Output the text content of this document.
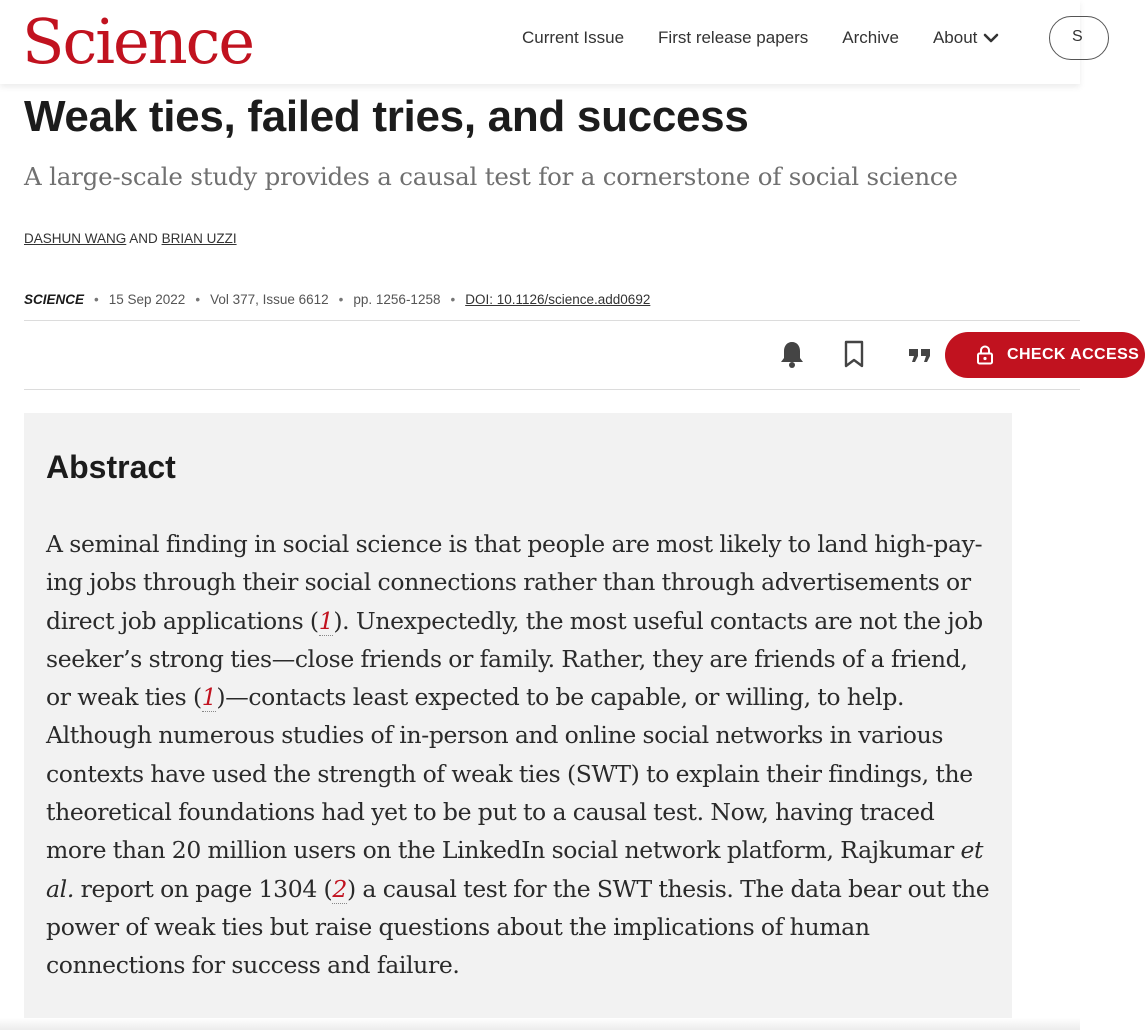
Science	Current Issue First release papers Archive About	S
Weak ties, failed tries, and success
A large-scale study provides a causal test for a cornerstone of social science
DASHUN WANG AND BRIAN UZZI
SCIENCE • 15 Sep 2022 • Vol 377, Issue 6612 • pp. 1256-1258 • DOI: 10.1126/science.add0692
CHECK ACCESS
Abstract

A seminal finding in social science is that people are most likely to land high-paying jobs through their social connections rather than through advertisements or direct job applications (1). Unexpectedly, the most useful contacts are not the job seeker’s strong ties—close friends or family. Rather, they are friends of a friend, or weak ties (1)—contacts least expected to be capable, or willing, to help. Although numerous studies of in-person and online social networks in various contexts have used the strength of weak ties (SWT) to explain their findings, the theoretical foundations had yet to be put to a causal test. Now, having traced more than 20 million users on the LinkedIn social network platform, Rajkumar et al. report on page 1304 (2) a causal test for the SWT thesis. The data bear out the power of weak ties but raise questions about the implications of human connections for success and failure.
